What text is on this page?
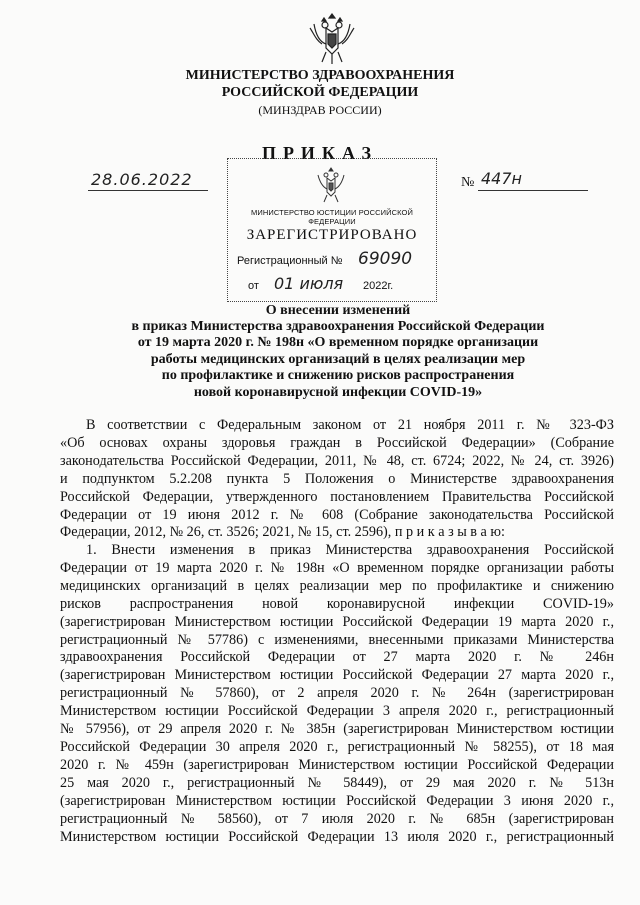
МИНИСТЕРСТВО ЗДРАВООХРАНЕНИЯ
РОССИЙСКОЙ ФЕДЕРАЦИИ
(МИНЗДРАВ РОССИИ)
ПРИКАЗ
28.06.2022	№ 447н
МИНИСТЕРСТВО ЮСТИЦИИ РОССИЙСКОЙ ФЕДЕРАЦИИ
ЗАРЕГИСТРИРОВАНО
Регистрационный № 69090
от 01 июля 2022г.
О внесении изменений
в приказ Министерства здравоохранения Российской Федерации
от 19 марта 2020 г. № 198н «О временном порядке организации
работы медицинских организаций в целях реализации мер
по профилактике и снижению рисков распространения
новой коронавирусной инфекции COVID-19»
В соответствии с Федеральным законом от 21 ноября 2011 г. № 323-ФЗ
«Об основах охраны здоровья граждан в Российской Федерации» (Собрание
законодательства Российской Федерации, 2011, № 48, ст. 6724; 2022, № 24, ст. 3926)
и подпунктом 5.2.208 пункта 5 Положения о Министерстве здравоохранения
Российской Федерации, утвержденного постановлением Правительства Российской
Федерации от 19 июня 2012 г. № 608 (Собрание законодательства Российской
Федерации, 2012, № 26, ст. 3526; 2021, № 15, ст. 2596), п р и к а з ы в а ю:
1. Внести изменения в приказ Министерства здравоохранения Российской
Федерации от 19 марта 2020 г. № 198н «О временном порядке организации работы
медицинских организаций в целях реализации мер по профилактике и снижению
рисков распространения новой коронавирусной инфекции COVID-19»
(зарегистрирован Министерством юстиции Российской Федерации 19 марта 2020 г.,
регистрационный № 57786) с изменениями, внесенными приказами Министерства
здравоохранения Российской Федерации от 27 марта 2020 г. № 246н
(зарегистрирован Министерством юстиции Российской Федерации 27 марта 2020 г.,
регистрационный № 57860), от 2 апреля 2020 г. № 264н (зарегистрирован
Министерством юстиции Российской Федерации 3 апреля 2020 г., регистрационный
№ 57956), от 29 апреля 2020 г. № 385н (зарегистрирован Министерством юстиции
Российской Федерации 30 апреля 2020 г., регистрационный № 58255), от 18 мая
2020 г. № 459н (зарегистрирован Министерством юстиции Российской Федерации
25 мая 2020 г., регистрационный № 58449), от 29 мая 2020 г. № 513н
(зарегистрирован Министерством юстиции Российской Федерации 3 июня 2020 г.,
регистрационный № 58560), от 7 июля 2020 г. № 685н (зарегистрирован
Министерством юстиции Российской Федерации 13 июля 2020 г., регистрационный
